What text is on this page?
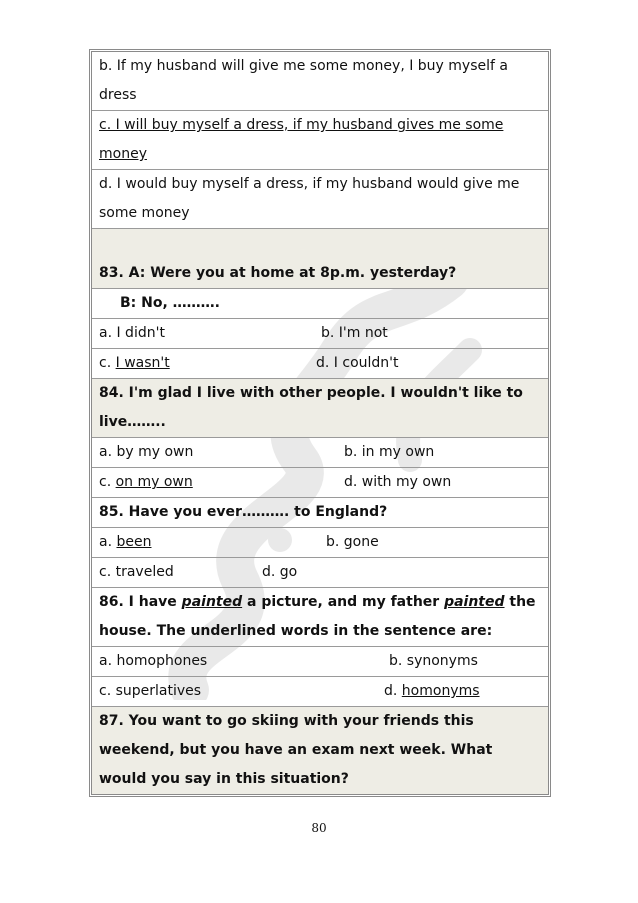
b. If my husband will give me some money, I buy myself a dress
c. I will buy myself a dress, if my husband gives me some money
d. I would buy myself a dress, if my husband would give me some money
83. A: Were you at home at 8p.m. yesterday?
B: No, ……….
a. I didn't	b. I'm not
c. I wasn't	d. I couldn't
84. I'm glad I live with other people. I wouldn't like to live……..
a. by my own	b. in my own
c. on my own	d. with my own
85. Have you ever………. to England?
a. been	b. gone
c. traveled	d. go
86. I have painted a picture, and my father painted the house. The underlined words in the sentence are:
a. homophones	b. synonyms
c. superlatives	d. homonyms
87. You want to go skiing with your friends this weekend, but you have an exam next week. What would you say in this situation?
80
